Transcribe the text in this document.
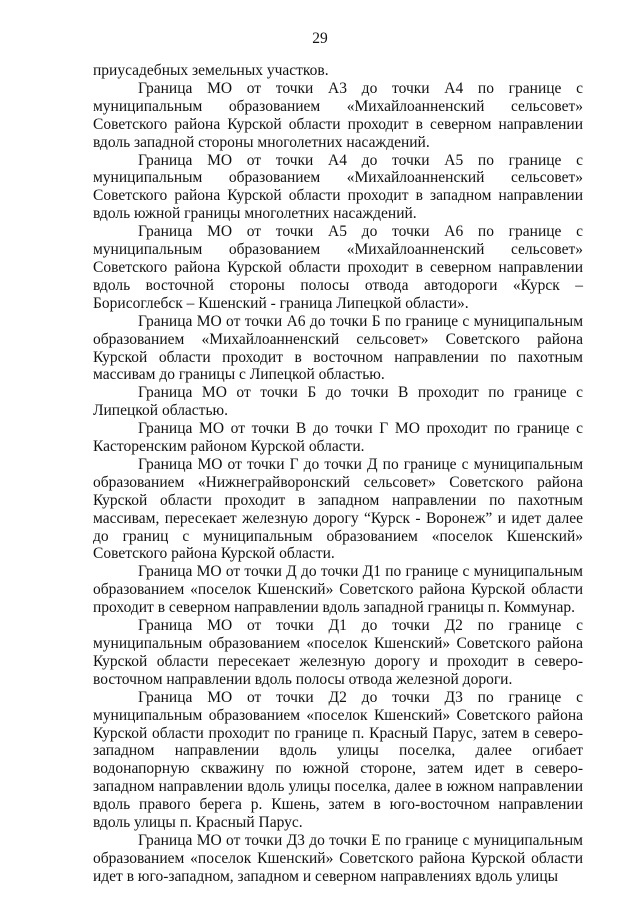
29

приусадебных земельных участков.

Граница МО от точки А3 до точки А4 по границе с муниципальным образованием «Михайлоанненский сельсовет» Советского района Курской области проходит в северном направлении вдоль западной стороны многолетних насаждений.

Граница МО от точки А4 до точки А5 по границе с муниципальным образованием «Михайлоанненский сельсовет» Советского района Курской области проходит в западном направлении вдоль южной границы многолетних насаждений.

Граница МО от точки А5 до точки А6 по границе с муниципальным образованием «Михайлоанненский сельсовет» Советского района Курской области проходит в северном направлении вдоль восточной стороны полосы отвода автодороги «Курск – Борисоглебск – Кшенский - граница Липецкой области».

Граница МО от точки А6 до точки Б по границе с муниципальным образованием «Михайлоанненский сельсовет» Советского района Курской области проходит в восточном направлении по пахотным массивам до границы с Липецкой областью.

Граница МО от точки Б до точки В проходит по границе с Липецкой областью.

Граница МО от точки В до точки Г МО проходит по границе с Касторенским районом Курской области.

Граница МО от точки Г до точки Д по границе с муниципальным образованием «Нижнеграйворонский сельсовет» Советского района Курской области проходит в западном направлении по пахотным массивам, пересекает железную дорогу “Курск - Воронеж” и идет далее до границ с муниципальным образованием «поселок Кшенский» Советского района Курской области.

Граница МО от точки Д до точки Д1 по границе с муниципальным образованием «поселок Кшенский» Советского района Курской области проходит в северном направлении вдоль западной границы п. Коммунар.

Граница МО от точки Д1 до точки Д2 по границе с муниципальным образованием «поселок Кшенский» Советского района Курской области пересекает железную дорогу и проходит в северо-восточном направлении вдоль полосы отвода железной дороги.

Граница МО от точки Д2 до точки Д3 по границе с муниципальным образованием «поселок Кшенский» Советского района Курской области проходит по границе п. Красный Парус, затем в северо-западном направлении вдоль улицы поселка, далее огибает водонапорную скважину по южной стороне, затем идет в северо-западном направлении вдоль улицы поселка, далее в южном направлении вдоль правого берега р. Кшень, затем в юго-восточном направлении вдоль улицы п. Красный Парус.

Граница МО от точки Д3 до точки Е по границе с муниципальным образованием «поселок Кшенский» Советского района Курской области идет в юго-западном, западном и северном направлениях вдоль улицы
